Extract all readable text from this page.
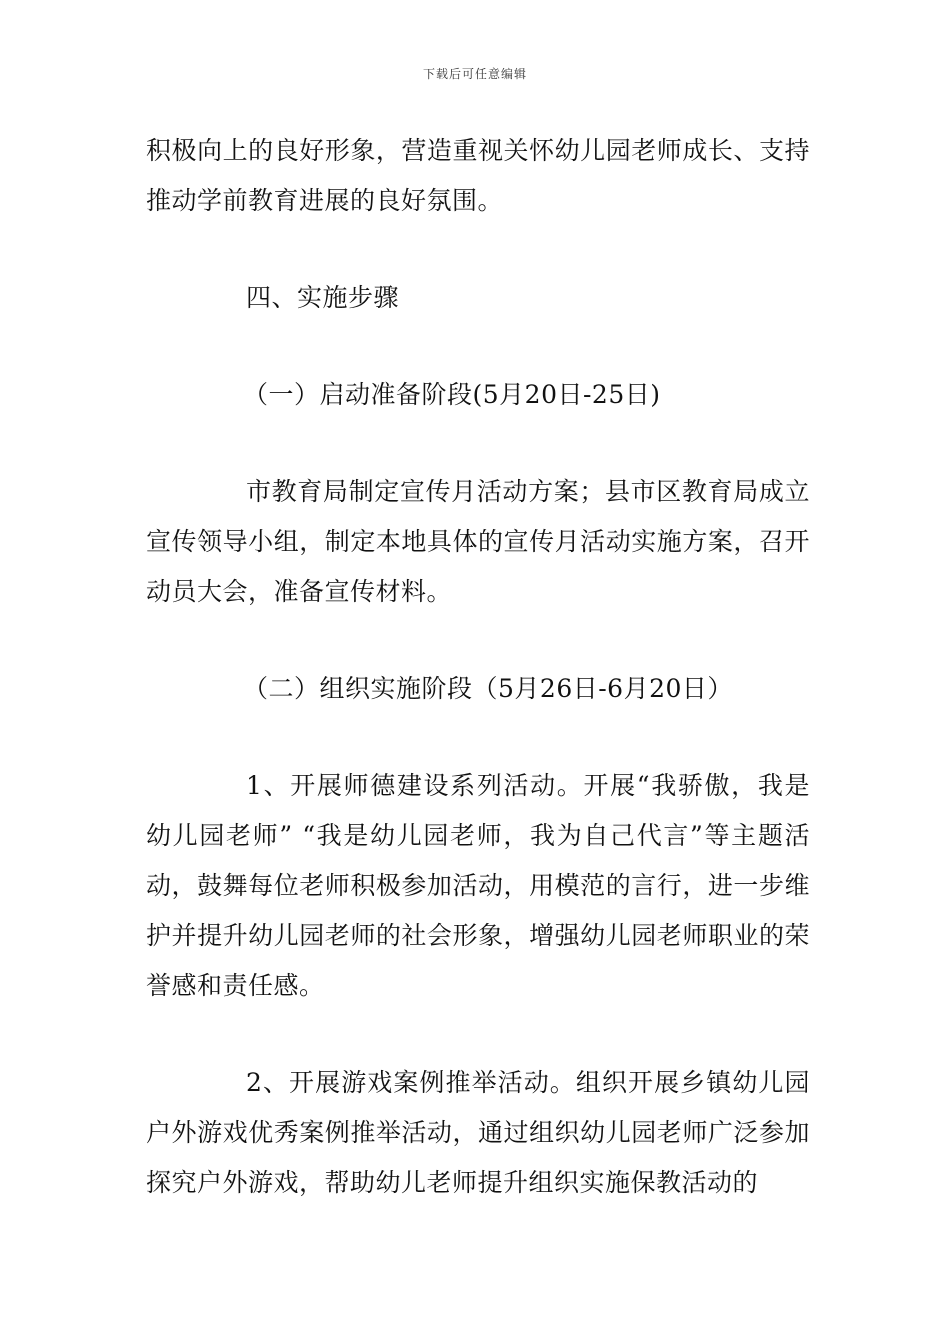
下载后可任意编辑

积极向上的良好形象，营造重视关怀幼儿园老师成长、支持推动学前教育进展的良好氛围。

四、实施步骤

（一）启动准备阶段(5月20日-25日)

市教育局制定宣传月活动方案；县市区教育局成立宣传领导小组，制定本地具体的宣传月活动实施方案，召开动员大会，准备宣传材料。

（二）组织实施阶段（5月26日-6月20日）

1、开展师德建设系列活动。开展“我骄傲，我是幼儿园老师” “我是幼儿园老师，我为自己代言”等主题活动，鼓舞每位老师积极参加活动，用模范的言行，进一步维护并提升幼儿园老师的社会形象，增强幼儿园老师职业的荣誉感和责任感。

2、开展游戏案例推举活动。组织开展乡镇幼儿园户外游戏优秀案例推举活动，通过组织幼儿园老师广泛参加探究户外游戏，帮助幼儿老师提升组织实施保教活动的
